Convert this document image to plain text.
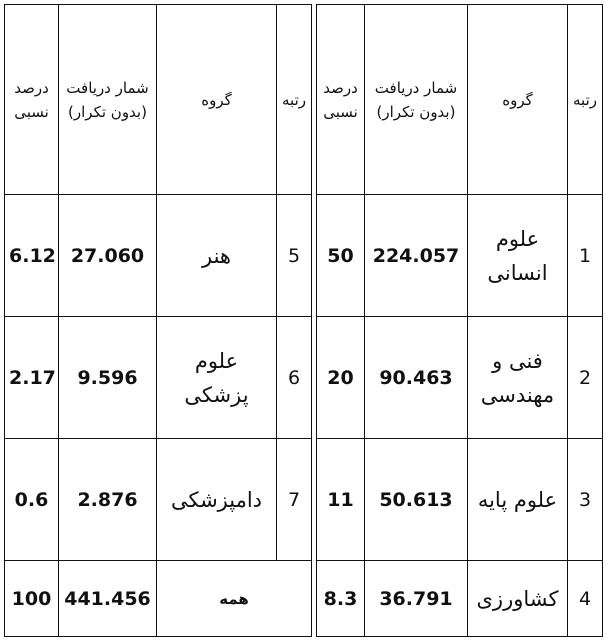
درصد نسبی	شمار دریافت (بدون تکرار)	گروه	رتبه		درصد نسبی	شمار دریافت (بدون تکرار)	گروه	رتبه
6.12	27.060	هنر	5		50	224.057	علوم انسانی	1
2.17	9.596	علوم پزشکی	6		20	90.463	فنی و مهندسی	2
0.6	2.876	دامپزشکی	7		11	50.613	علوم پایه	3
100	441.456	همه			8.3	36.791	کشاورزی	4
